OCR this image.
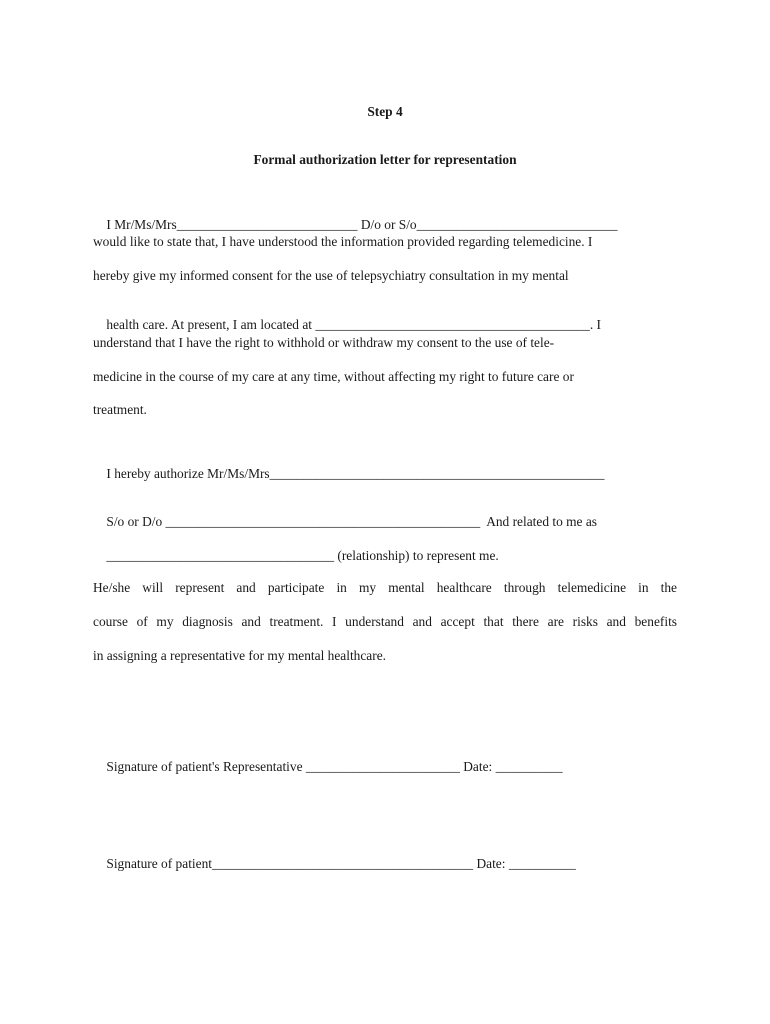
Step 4
Formal authorization letter for representation

I Mr/Ms/Mrs___________________________ D/o or S/o______________________________

would like to state that, I have understood the information provided regarding telemedicine. I
hereby give my informed consent for the use of telepsychiatry consultation in my mental

health care. At present, I am located at _________________________________________. I

understand that I have the right to withhold or withdraw my consent to the use of tele-
medicine in the course of my care at any time, without affecting my right to future care or
treatment.

I hereby authorize Mr/Ms/Mrs__________________________________________________

S/o or D/o _______________________________________________  And related to me as

__________________________________ (relationship) to represent me.

He/she will represent and participate in my mental healthcare through telemedicine in the
course of my diagnosis and treatment. I understand and accept that there are risks and benefits
in assigning a representative for my mental healthcare.

Signature of patient's Representative _______________________ Date: __________

Signature of patient_______________________________________ Date: __________
